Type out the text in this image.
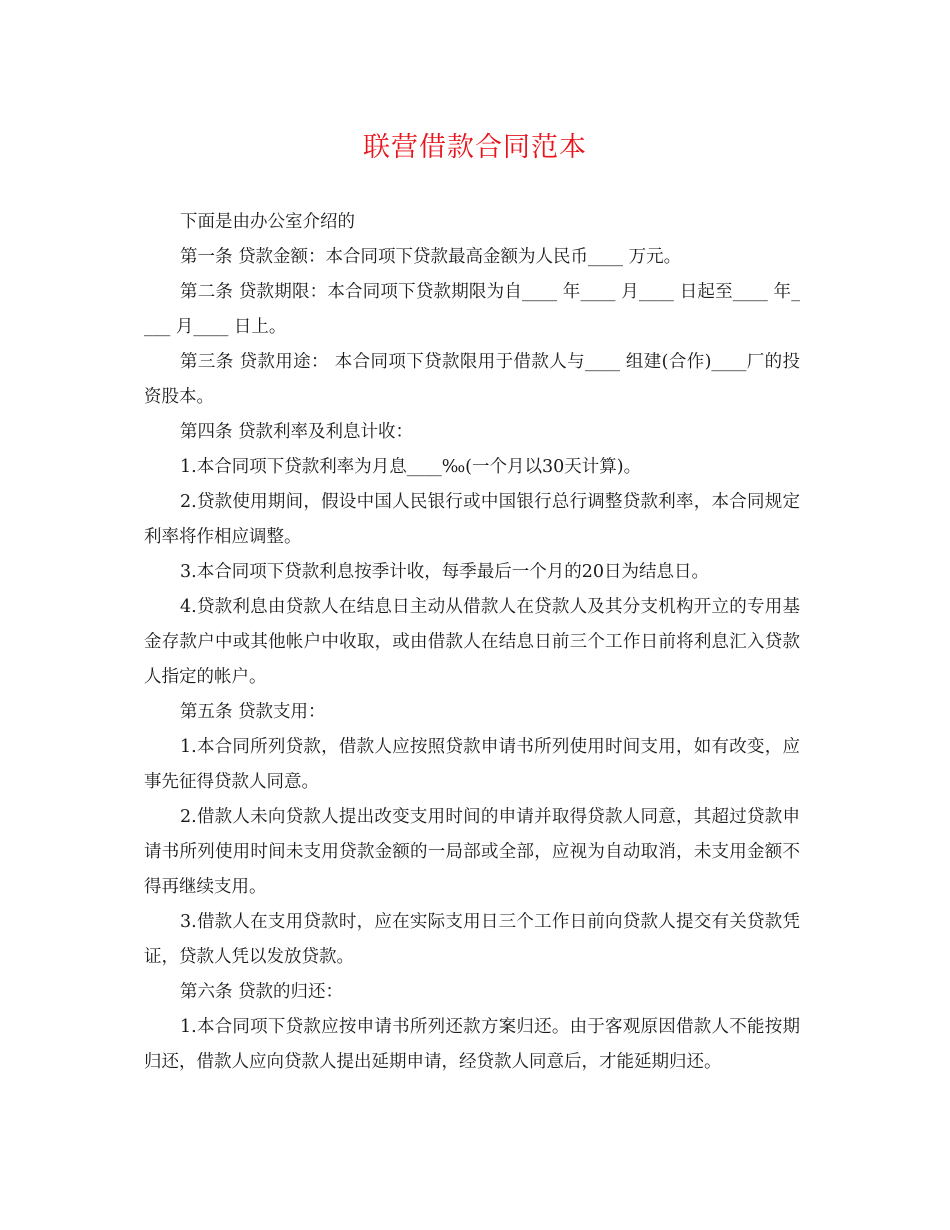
联营借款合同范本

下面是由办公室介绍的

第一条 贷款金额：本合同项下贷款最高金额为人民币____ 万元。

第二条 贷款期限：本合同项下贷款期限为自____ 年____ 月____ 日起至____ 年____ 月____ 日上。

第三条 贷款用途： 本合同项下贷款限用于借款人与____ 组建(合作)____厂的投资股本。

第四条 贷款利率及利息计收：

1.本合同项下贷款利率为月息____‰(一个月以30天计算)。

2.贷款使用期间，假设中国人民银行或中国银行总行调整贷款利率，本合同规定利率将作相应调整。

3.本合同项下贷款利息按季计收，每季最后一个月的20日为结息日。

4.贷款利息由贷款人在结息日主动从借款人在贷款人及其分支机构开立的专用基金存款户中或其他帐户中收取，或由借款人在结息日前三个工作日前将利息汇入贷款人指定的帐户。

第五条 贷款支用：

1.本合同所列贷款，借款人应按照贷款申请书所列使用时间支用，如有改变，应事先征得贷款人同意。

2.借款人未向贷款人提出改变支用时间的申请并取得贷款人同意，其超过贷款申请书所列使用时间未支用贷款金额的一局部或全部，应视为自动取消，未支用金额不得再继续支用。

3.借款人在支用贷款时，应在实际支用日三个工作日前向贷款人提交有关贷款凭证，贷款人凭以发放贷款。

第六条 贷款的归还：

1.本合同项下贷款应按申请书所列还款方案归还。由于客观原因借款人不能按期归还，借款人应向贷款人提出延期申请，经贷款人同意后，才能延期归还。
